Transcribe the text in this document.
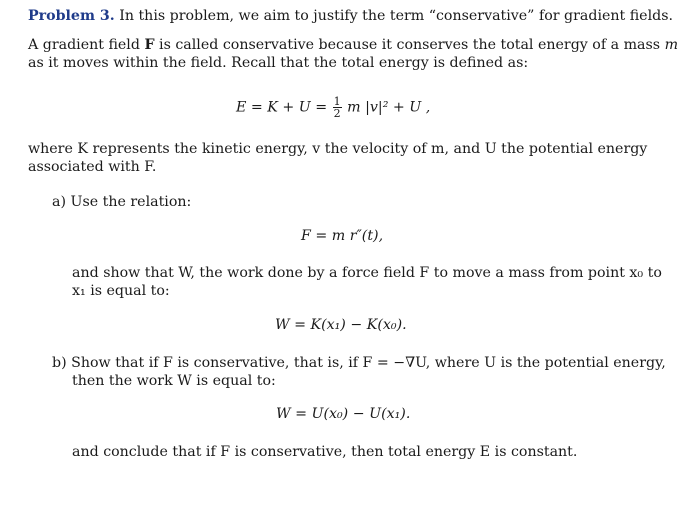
Problem 3. In this problem, we aim to justify the term “conservative” for gradient fields.
A gradient field F is called conservative because it conserves the total energy of a mass m
as it moves within the field. Recall that the total energy is defined as:
$E = K + U = \frac{1}{2}$ m |v|² + U ,
where K represents the kinetic energy, v the velocity of m, and U the potential energy
associated with F.
a) Use the relation:
F = m r″(t),
and show that W, the work done by a force field F to move a mass from point x₀ to
x₁ is equal to:
W = K(x₁) − K(x₀).
b) Show that if F is conservative, that is, if F = −∇U, where U is the potential energy,
then the work W is equal to:
W = U(x₀) − U(x₁).
and conclude that if F is conservative, then total energy E is constant.
